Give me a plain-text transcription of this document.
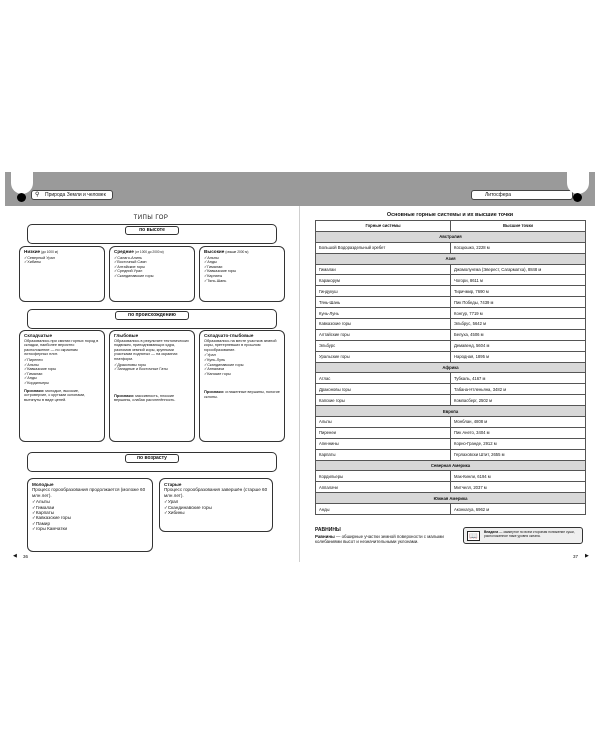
⚲ Природа Земли и человек	Литосфера
ТИПЫ ГОР
по высоте
Низкие (до 1000 м)
✓ Северный Урал
✓ Хибины
Средние (от 1000 до 2000 м)
✓ Салаго-Алинь
✓ Восточный Саян
✓ Алтайские горы
✓ Средний Урал
✓ Скандинавские горы
Высокие (свыше 2000 м)
✓ Альпы
✓ Анды
✓ Гималаи
✓ Кавказские горы
✓ Карпаты
✓ Тянь-Шань
по происхождению
Складчатые
Образовались при смятии горных пород в складки, наиболее вероятно расположение — по окраинам литосферных плит.
✓ Пиренеи
✓ Альпы
✓ Кавказские горы
✓ Гималаи
✓ Анды
✓ Кордильеры
Признаки: молодые, высокие, островерхие, с крутыми склонами, вытянуты в виде цепей.
Глыбовые
Образовались в результате тектонических подвижек, приподнимающих ядра, разломов земной коры, крупными участками поднятых — на окраинах платформ.
✓ Драконовы горы
✓ Западные и Восточные Гаты
Признаки: массивность, плоские вершины, слабая расчленённость.
Складчато-глыбовые
Образовались на месте участков земной коры, претерпевших в прошлом горообразование.
✓ Урал
✓ Кунь-Лунь
✓ Скандинавские горы
✓ Аппалачи
✓ Капские горы
Признаки: сглаженные вершины, пологие склоны.
по возрасту
Молодые
Процесс горообразования продолжается (моложе 60 млн лет).
✓ Альпы
✓ Гималаи
✓ Карпаты
✓ Кавказские горы
✓ Памир
✓ горы Камчатки
Старые
Процесс горообразования завершён (старше 60 млн лет).
✓ Урал
✓ Скандинавские горы
✓ Хибины
◀ 36
Основные горные системы и их высшие точки
Горные системы	Высшие точки
Австралия	
Большой Водораздельный хребет	Косцюшко, 2228 м
Азия	
Гималаи	Джомолунгма (Эверест, Сагарматха), 8848 м
Каракорум	Чогори, 8611 м
Гиндукуш	Тиричмир, 7690 м
Тянь-Шань	Пик Победы, 7439 м
Кунь-Лунь	Конгур, 7719 м
Кавказские горы	Эльбрус, 5642 м
Алтайские горы	Белуха, 4506 м
Эльбурс	Демавенд, 5604 м
Уральские горы	Народная, 1895 м
Африка	
Атлас	Тубкаль, 4167 м
Драконовы горы	Табана-Нтленьяна, 3482 м
Капские горы	Компасберг, 2502 м
Европа	
Альпы	Монблан, 4808 м
Пиренеи	Пик Ането, 3404 м
Апеннины	Корно-Гранде, 2912 м
Карпаты	Герлаховски Штит, 2655 м
Северная Америка	
Кордильеры	Мак-Кинли, 6194 м
Аппалачи	Митчелл, 2037 м
Южная Америка	
Анды	Аконкагуа, 6962 м
РАВНИНЫ
Равнины — обширные участки земной поверхности с малыми колебаниями высот и незначительными уклонами.
📖
Впадина — замкнутое по всем сторонам понижение суши, расположенное ниже уровня океана.
37 ▶
